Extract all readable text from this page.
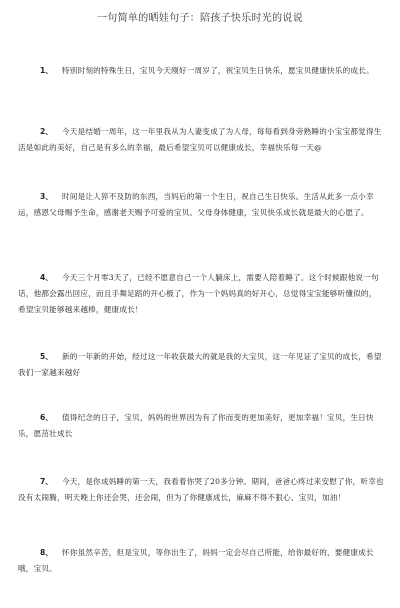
一句简单的晒娃句子：陪孩子快乐时光的说说
1、 特别时刻的特殊生日，宝贝今天刚好一周岁了，祝宝贝生日快乐，愿宝贝健康快乐的成长。
2、 今天是结婚一周年，这一年里我从为人妻变成了为人母，每每看到身旁熟睡的小宝宝都觉得生活是如此的美好，自己是有多么的幸福，最后希望宝贝可以健康成长，幸福快乐每一天@
3、 时间是让人猝不及防的东西，当妈后的第一个生日，祝自己生日快乐。生活从此多一点小幸运，感恩父母赐予生命，感谢老天赐予可爱的宝贝。父母身体健康，宝贝快乐成长就是最大的心愿了。
4、 今天三个月零3天了，已经不愿意自己一个人躺床上，需要人陪着睡了。这个时候跟他说一句话，他都会露出回应，而且手舞足蹈的开心极了，作为一个妈妈真的好开心，总觉得宝宝能够听懂似的，希望宝贝能够越来越棒，健康成长！
5、 新的一年新的开始，经过这一年收获最大的就是我的大宝贝，这一年见证了宝贝的成长，希望我们一家越来越好
6、 值得纪念的日子，宝贝，妈妈的世界因为有了你而变的更加美好，更加幸福！宝贝，生日快乐，愿茁壮成长
7、 今天，是你成妈睡的第一天，我看着你哭了20多分钟。期间，爸爸心疼过来安慰了你，听幸也没有太闹腾，明天晚上你还会哭，还会闹，但为了你健康成长，麻麻不得不狠心、宝贝，加油！
8、 怀你虽然辛苦，但是宝贝，等你出生了，妈妈一定会尽自己所能，给你最好的，要健康成长哦，宝贝。
